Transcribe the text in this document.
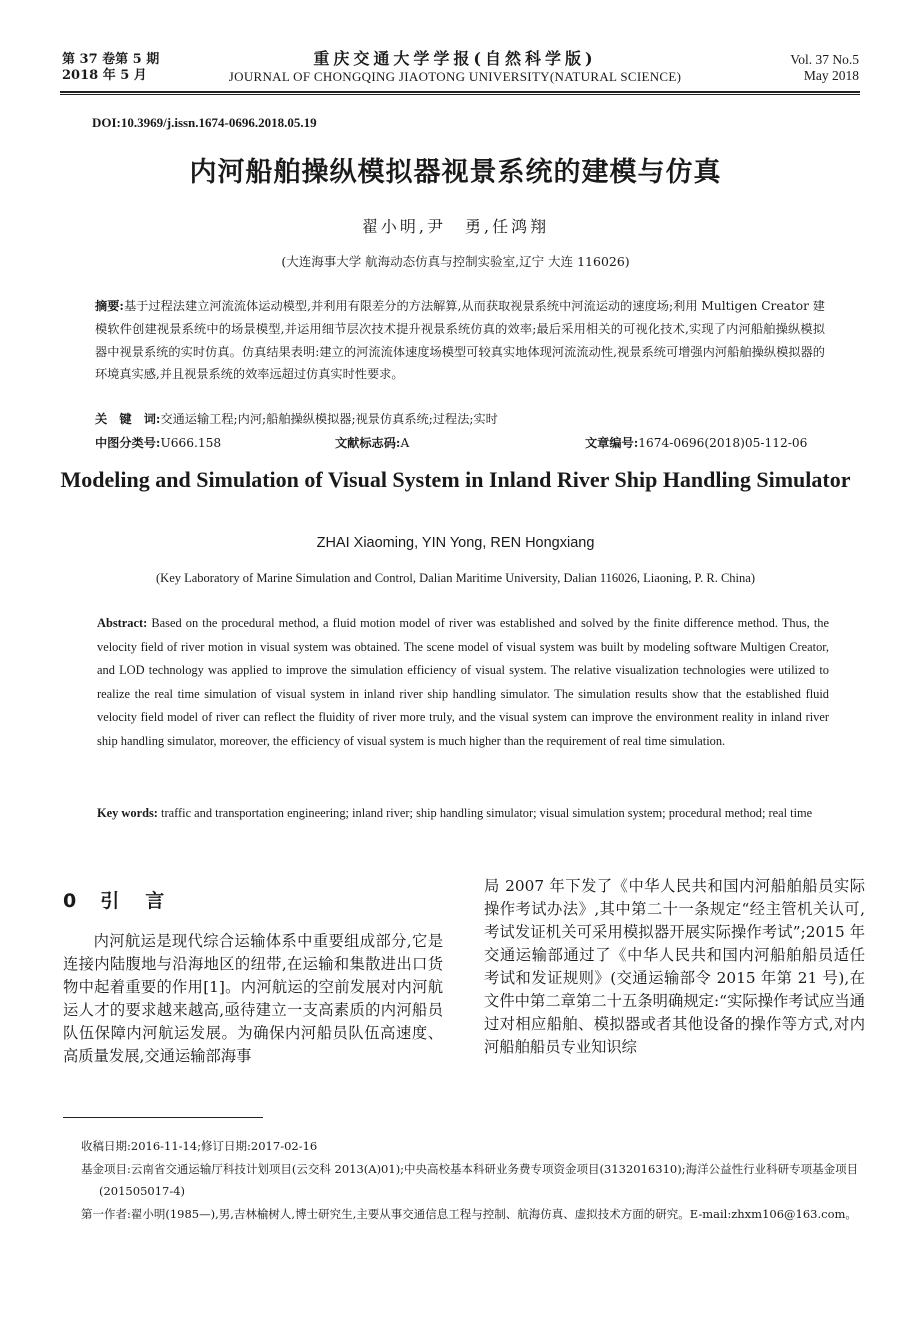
第 37 卷第 5 期
2018 年 5 月
重庆交通大学学报(自然科学版)
JOURNAL OF CHONGQING JIAOTONG UNIVERSITY(NATURAL SCIENCE)
Vol. 37 No.5
May 2018
DOI:10.3969/j.issn.1674-0696.2018.05.19
内河船舶操纵模拟器视景系统的建模与仿真
翟小明,尹　勇,任鸿翔
(大连海事大学 航海动态仿真与控制实验室,辽宁 大连 116026)
摘要:基于过程法建立河流流体运动模型,并利用有限差分的方法解算,从而获取视景系统中河流运动的速度场;利用 Multigen Creator 建模软件创建视景系统中的场景模型,并运用细节层次技术提升视景系统仿真的效率;最后采用相关的可视化技术,实现了内河船舶操纵模拟器中视景系统的实时仿真。仿真结果表明:建立的河流流体速度场模型可较真实地体现河流流动性,视景系统可增强内河船舶操纵模拟器的环境真实感,并且视景系统的效率远超过仿真实时性要求。
关　键　词:交通运输工程;内河;船舶操纵模拟器;视景仿真系统;过程法;实时
中图分类号:U666.158	文献标志码:A	文章编号:1674-0696(2018)05-112-06
Modeling and Simulation of Visual System in Inland River Ship Handling Simulator
ZHAI Xiaoming, YIN Yong, REN Hongxiang
(Key Laboratory of Marine Simulation and Control, Dalian Maritime University, Dalian 116026, Liaoning, P. R. China)
Abstract: Based on the procedural method, a fluid motion model of river was established and solved by the finite difference method. Thus, the velocity field of river motion in visual system was obtained. The scene model of visual system was built by modeling software Multigen Creator, and LOD technology was applied to improve the simulation efficiency of visual system. The relative visualization technologies were utilized to realize the real time simulation of visual system in inland river ship handling simulator. The simulation results show that the established fluid velocity field model of river can reflect the fluidity of river more truly, and the visual system can improve the environment reality in inland river ship handling simulator, moreover, the efficiency of visual system is much higher than the requirement of real time simulation.
Key words: traffic and transportation engineering; inland river; ship handling simulator; visual simulation system; procedural method; real time
0 引 言
内河航运是现代综合运输体系中重要组成部分,它是连接内陆腹地与沿海地区的纽带,在运输和集散进出口货物中起着重要的作用[1]。内河航运的空前发展对内河航运人才的要求越来越高,亟待建立一支高素质的内河船员队伍保障内河航运发展。为确保内河船员队伍高速度、高质量发展,交通运输部海事
局 2007 年下发了《中华人民共和国内河船舶船员实际操作考试办法》,其中第二十一条规定“经主管机关认可,考试发证机关可采用模拟器开展实际操作考试”;2015 年交通运输部通过了《中华人民共和国内河船舶船员适任考试和发证规则》(交通运输部令 2015 年第 21 号),在文件中第二章第二十五条明确规定:“实际操作考试应当通过对相应船舶、模拟器或者其他设备的操作等方式,对内河船舶船员专业知识综
收稿日期:2016-11-14;修订日期:2017-02-16
基金项目:云南省交通运输厅科技计划项目(云交科 2013(A)01);中央高校基本科研业务费专项资金项目(3132016310);海洋公益性行业科研专项基金项目(201505017-4)
第一作者:翟小明(1985—),男,吉林榆树人,博士研究生,主要从事交通信息工程与控制、航海仿真、虚拟技术方面的研究。E-mail:zhxm106@163.com。
